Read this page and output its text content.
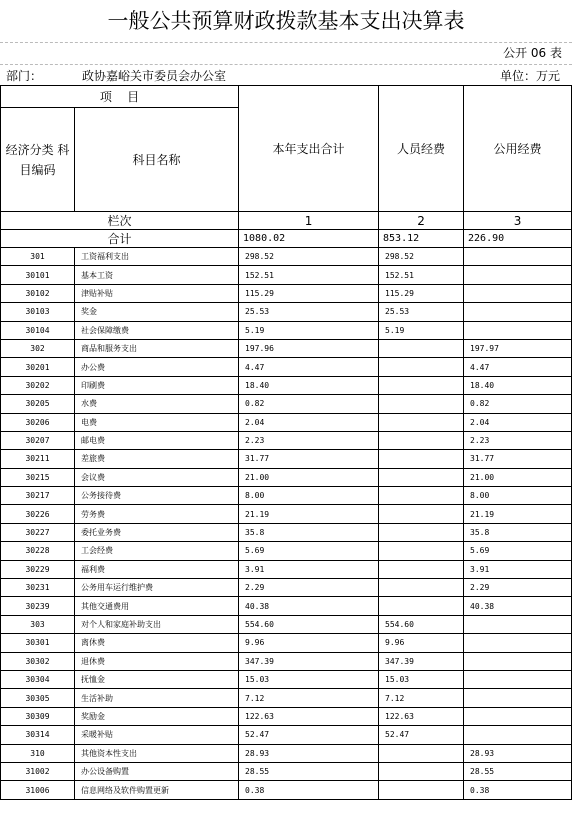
一般公共预算财政拨款基本支出决算表
公开 06 表
部门：	政协嘉峪关市委员会办公室	单位：万元
项    目		本年支出合计	人员经费	公用经费
经济分类 科目编码	科目名称			
栏次		1	2	3
合计		1080.02	853.12	226.90
301	工资福利支出	298.52	298.52	
30101	基本工资	152.51	152.51	
30102	津贴补贴	115.29	115.29	
30103	奖金	25.53	25.53	
30104	社会保障缴费	5.19	5.19	
302	商品和服务支出	197.96		197.97
30201	办公费	4.47		4.47
30202	印刷费	18.40		18.40
30205	水费	0.82		0.82
30206	电费	2.04		2.04
30207	邮电费	2.23		2.23
30211	差旅费	31.77		31.77
30215	会议费	21.00		21.00
30217	公务接待费	8.00		8.00
30226	劳务费	21.19		21.19
30227	委托业务费	35.8		35.8
30228	工会经费	5.69		5.69
30229	福利费	3.91		3.91
30231	公务用车运行维护费	2.29		2.29
30239	其他交通费用	40.38		40.38
303	对个人和家庭补助支出	554.60	554.60	
30301	离休费	9.96	9.96	
30302	退休费	347.39	347.39	
30304	抚恤金	15.03	15.03	
30305	生活补助	7.12	7.12	
30309	奖励金	122.63	122.63	
30314	采暖补贴	52.47	52.47	
310	其他资本性支出	28.93		28.93
31002	办公设备购置	28.55		28.55
31006	信息网络及软件购置更新	0.38		0.38
